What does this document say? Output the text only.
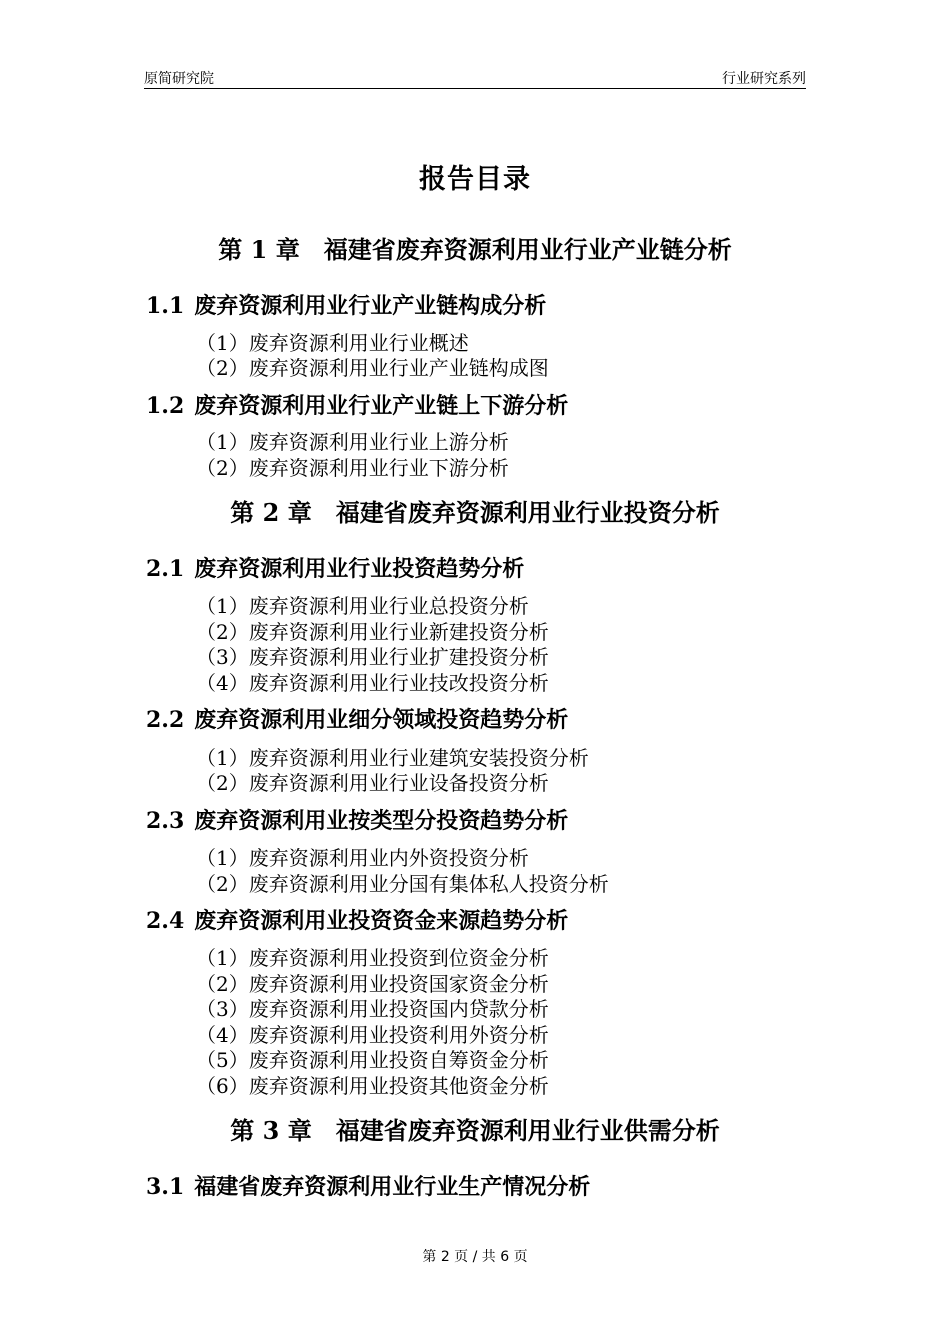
原简研究院	行业研究系列
报告目录
第 1 章 福建省废弃资源利用业行业产业链分析
1.1 废弃资源利用业行业产业链构成分析
（1）废弃资源利用业行业概述
（2）废弃资源利用业行业产业链构成图
1.2 废弃资源利用业行业产业链上下游分析
（1）废弃资源利用业行业上游分析
（2）废弃资源利用业行业下游分析
第 2 章 福建省废弃资源利用业行业投资分析
2.1 废弃资源利用业行业投资趋势分析
（1）废弃资源利用业行业总投资分析
（2）废弃资源利用业行业新建投资分析
（3）废弃资源利用业行业扩建投资分析
（4）废弃资源利用业行业技改投资分析
2.2 废弃资源利用业细分领域投资趋势分析
（1）废弃资源利用业行业建筑安装投资分析
（2）废弃资源利用业行业设备投资分析
2.3 废弃资源利用业按类型分投资趋势分析
（1）废弃资源利用业内外资投资分析
（2）废弃资源利用业分国有集体私人投资分析
2.4 废弃资源利用业投资资金来源趋势分析
（1）废弃资源利用业投资到位资金分析
（2）废弃资源利用业投资国家资金分析
（3）废弃资源利用业投资国内贷款分析
（4）废弃资源利用业投资利用外资分析
（5）废弃资源利用业投资自筹资金分析
（6）废弃资源利用业投资其他资金分析
第 3 章 福建省废弃资源利用业行业供需分析
3.1 福建省废弃资源利用业行业生产情况分析
第 2 页 / 共 6 页
